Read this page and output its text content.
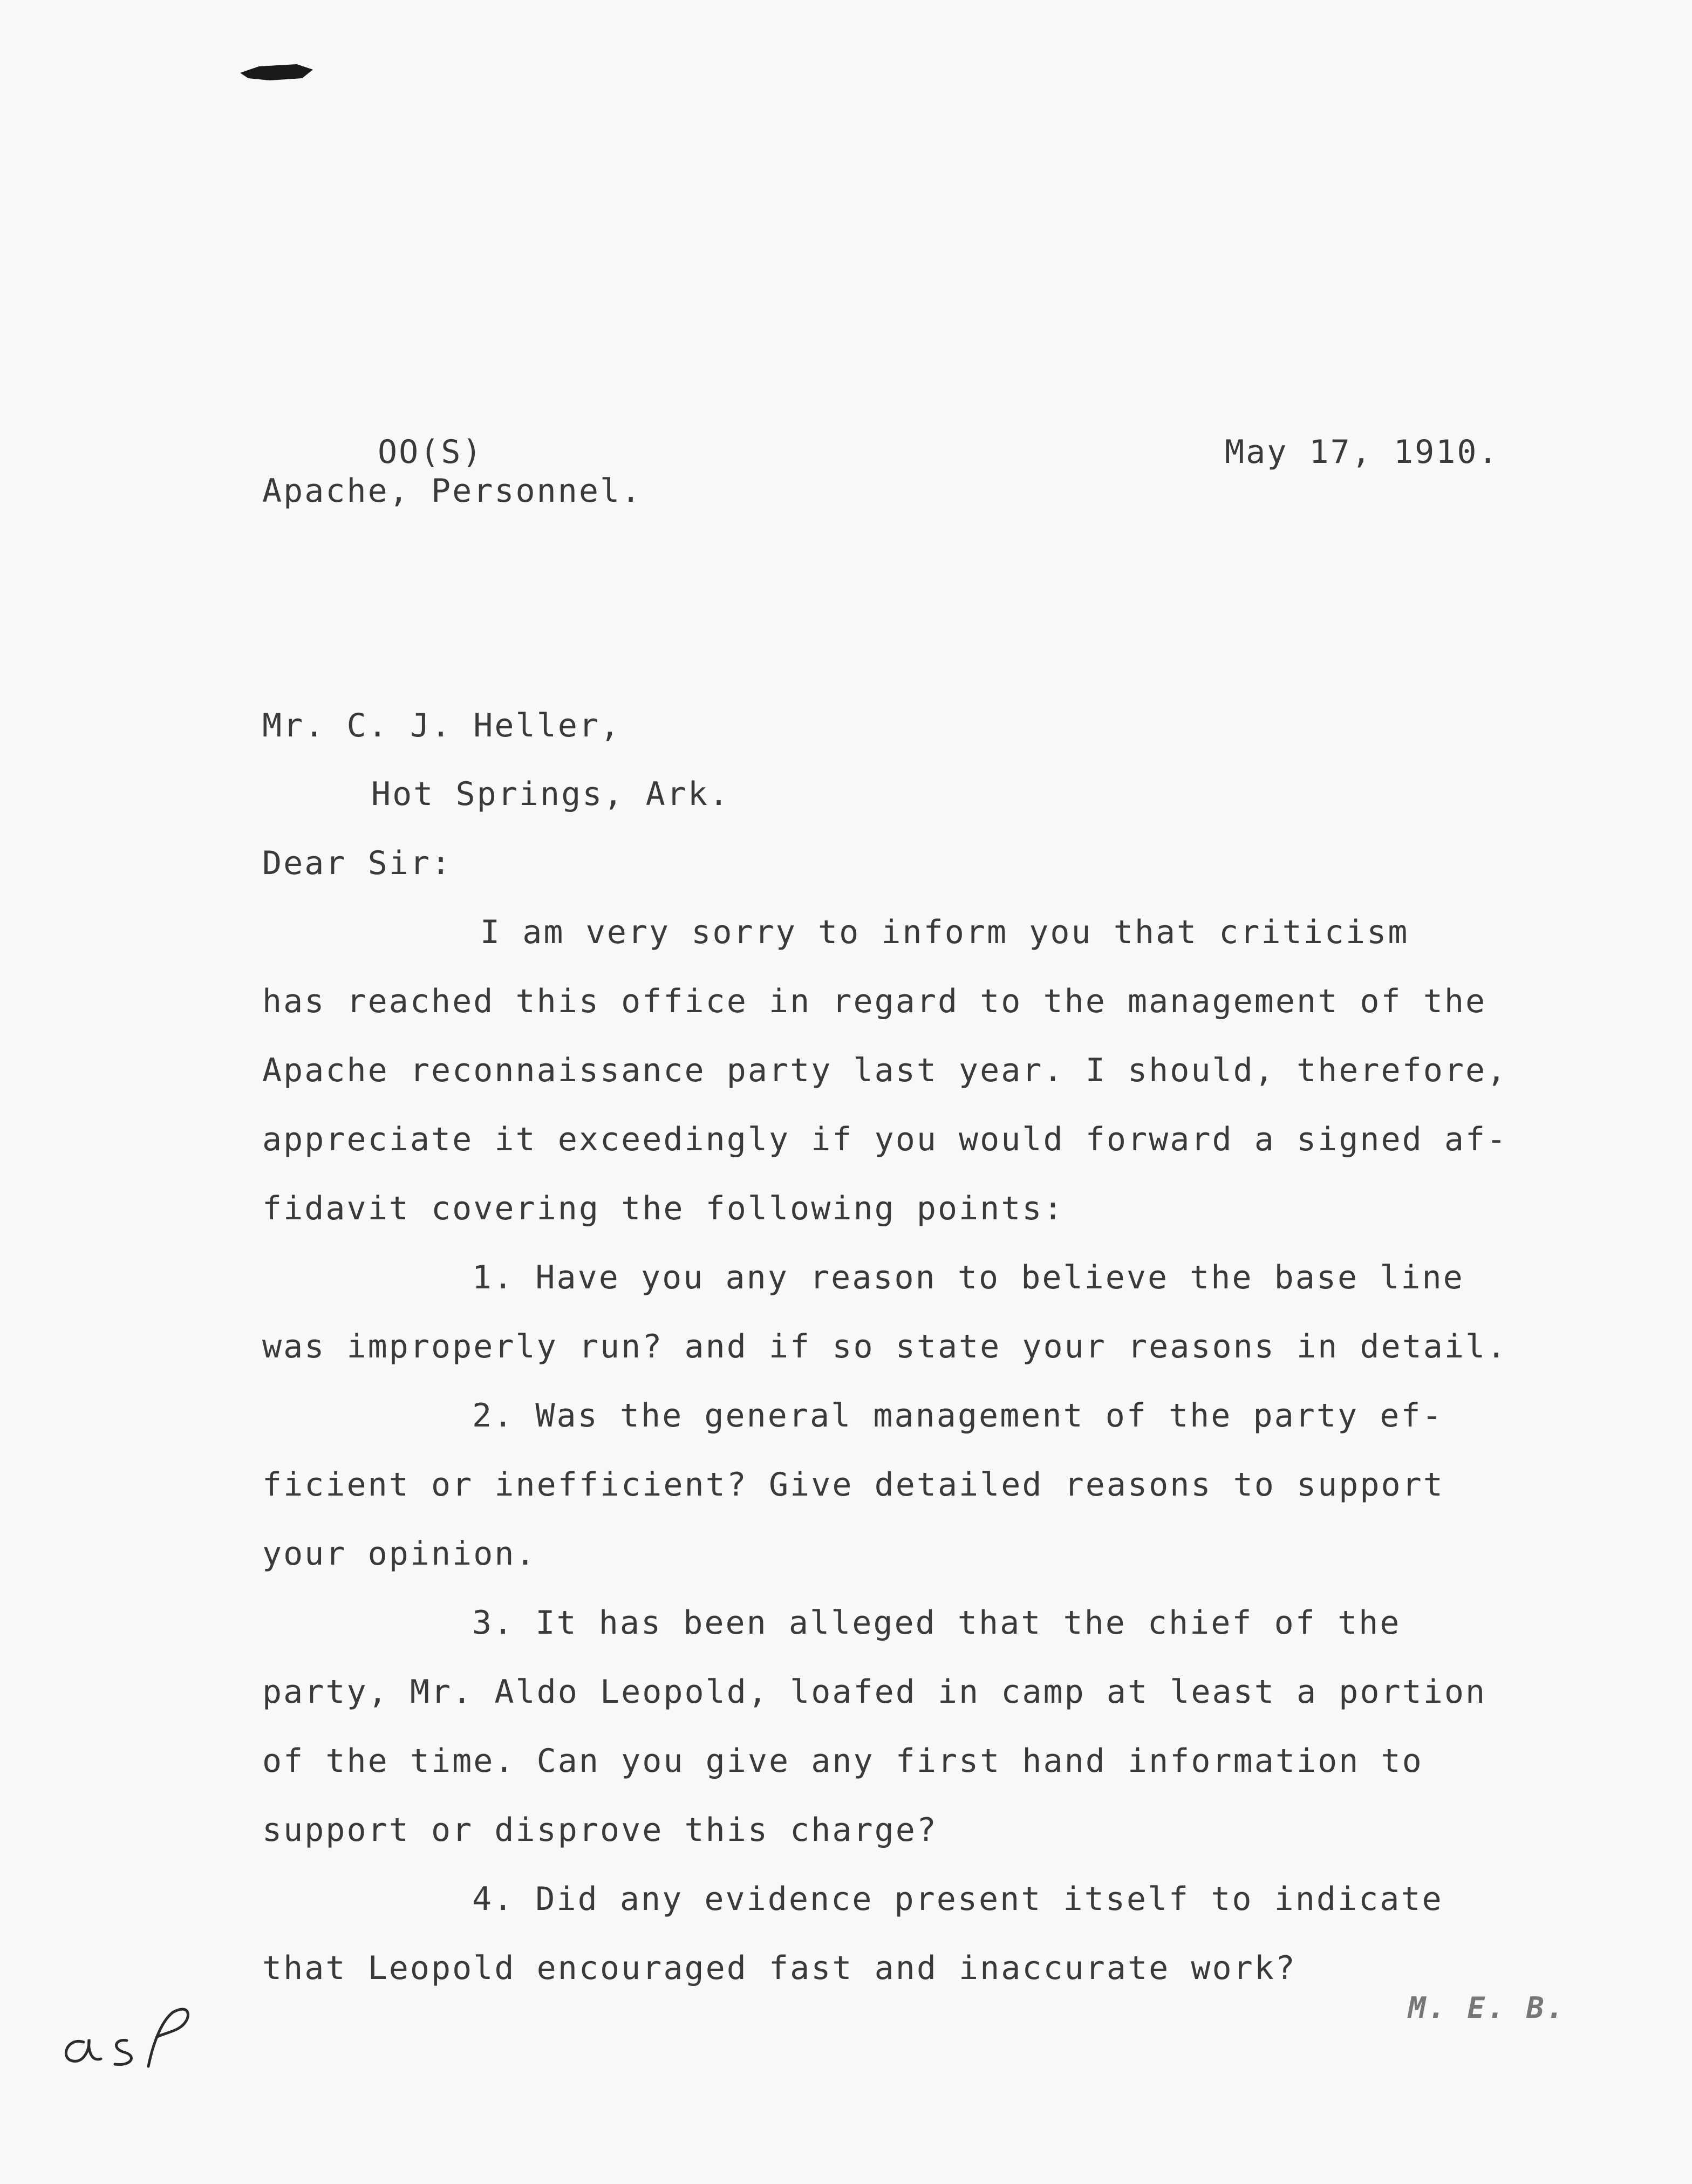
OO(S)

Apache, Personnel.

May 17, 1910.

Mr. C. J. Heller,

Hot Springs, Ark.

Dear Sir:

I am very sorry to inform you that criticism
has reached this office in regard to the management of the
Apache reconnaissance party last year. I should, therefore,
appreciate it exceedingly if you would forward a signed af-
fidavit covering the following points:
1. Have you any reason to believe the base line
was improperly run? and if so state your reasons in detail.
2. Was the general management of the party ef-
ficient or inefficient? Give detailed reasons to support
your opinion.
3. It has been alleged that the chief of the
party, Mr. Aldo Leopold, loafed in camp at least a portion
of the time. Can you give any first hand information to
support or disprove this charge?
4. Did any evidence present itself to indicate
that Leopold encouraged fast and inaccurate work?
M. E. B.
